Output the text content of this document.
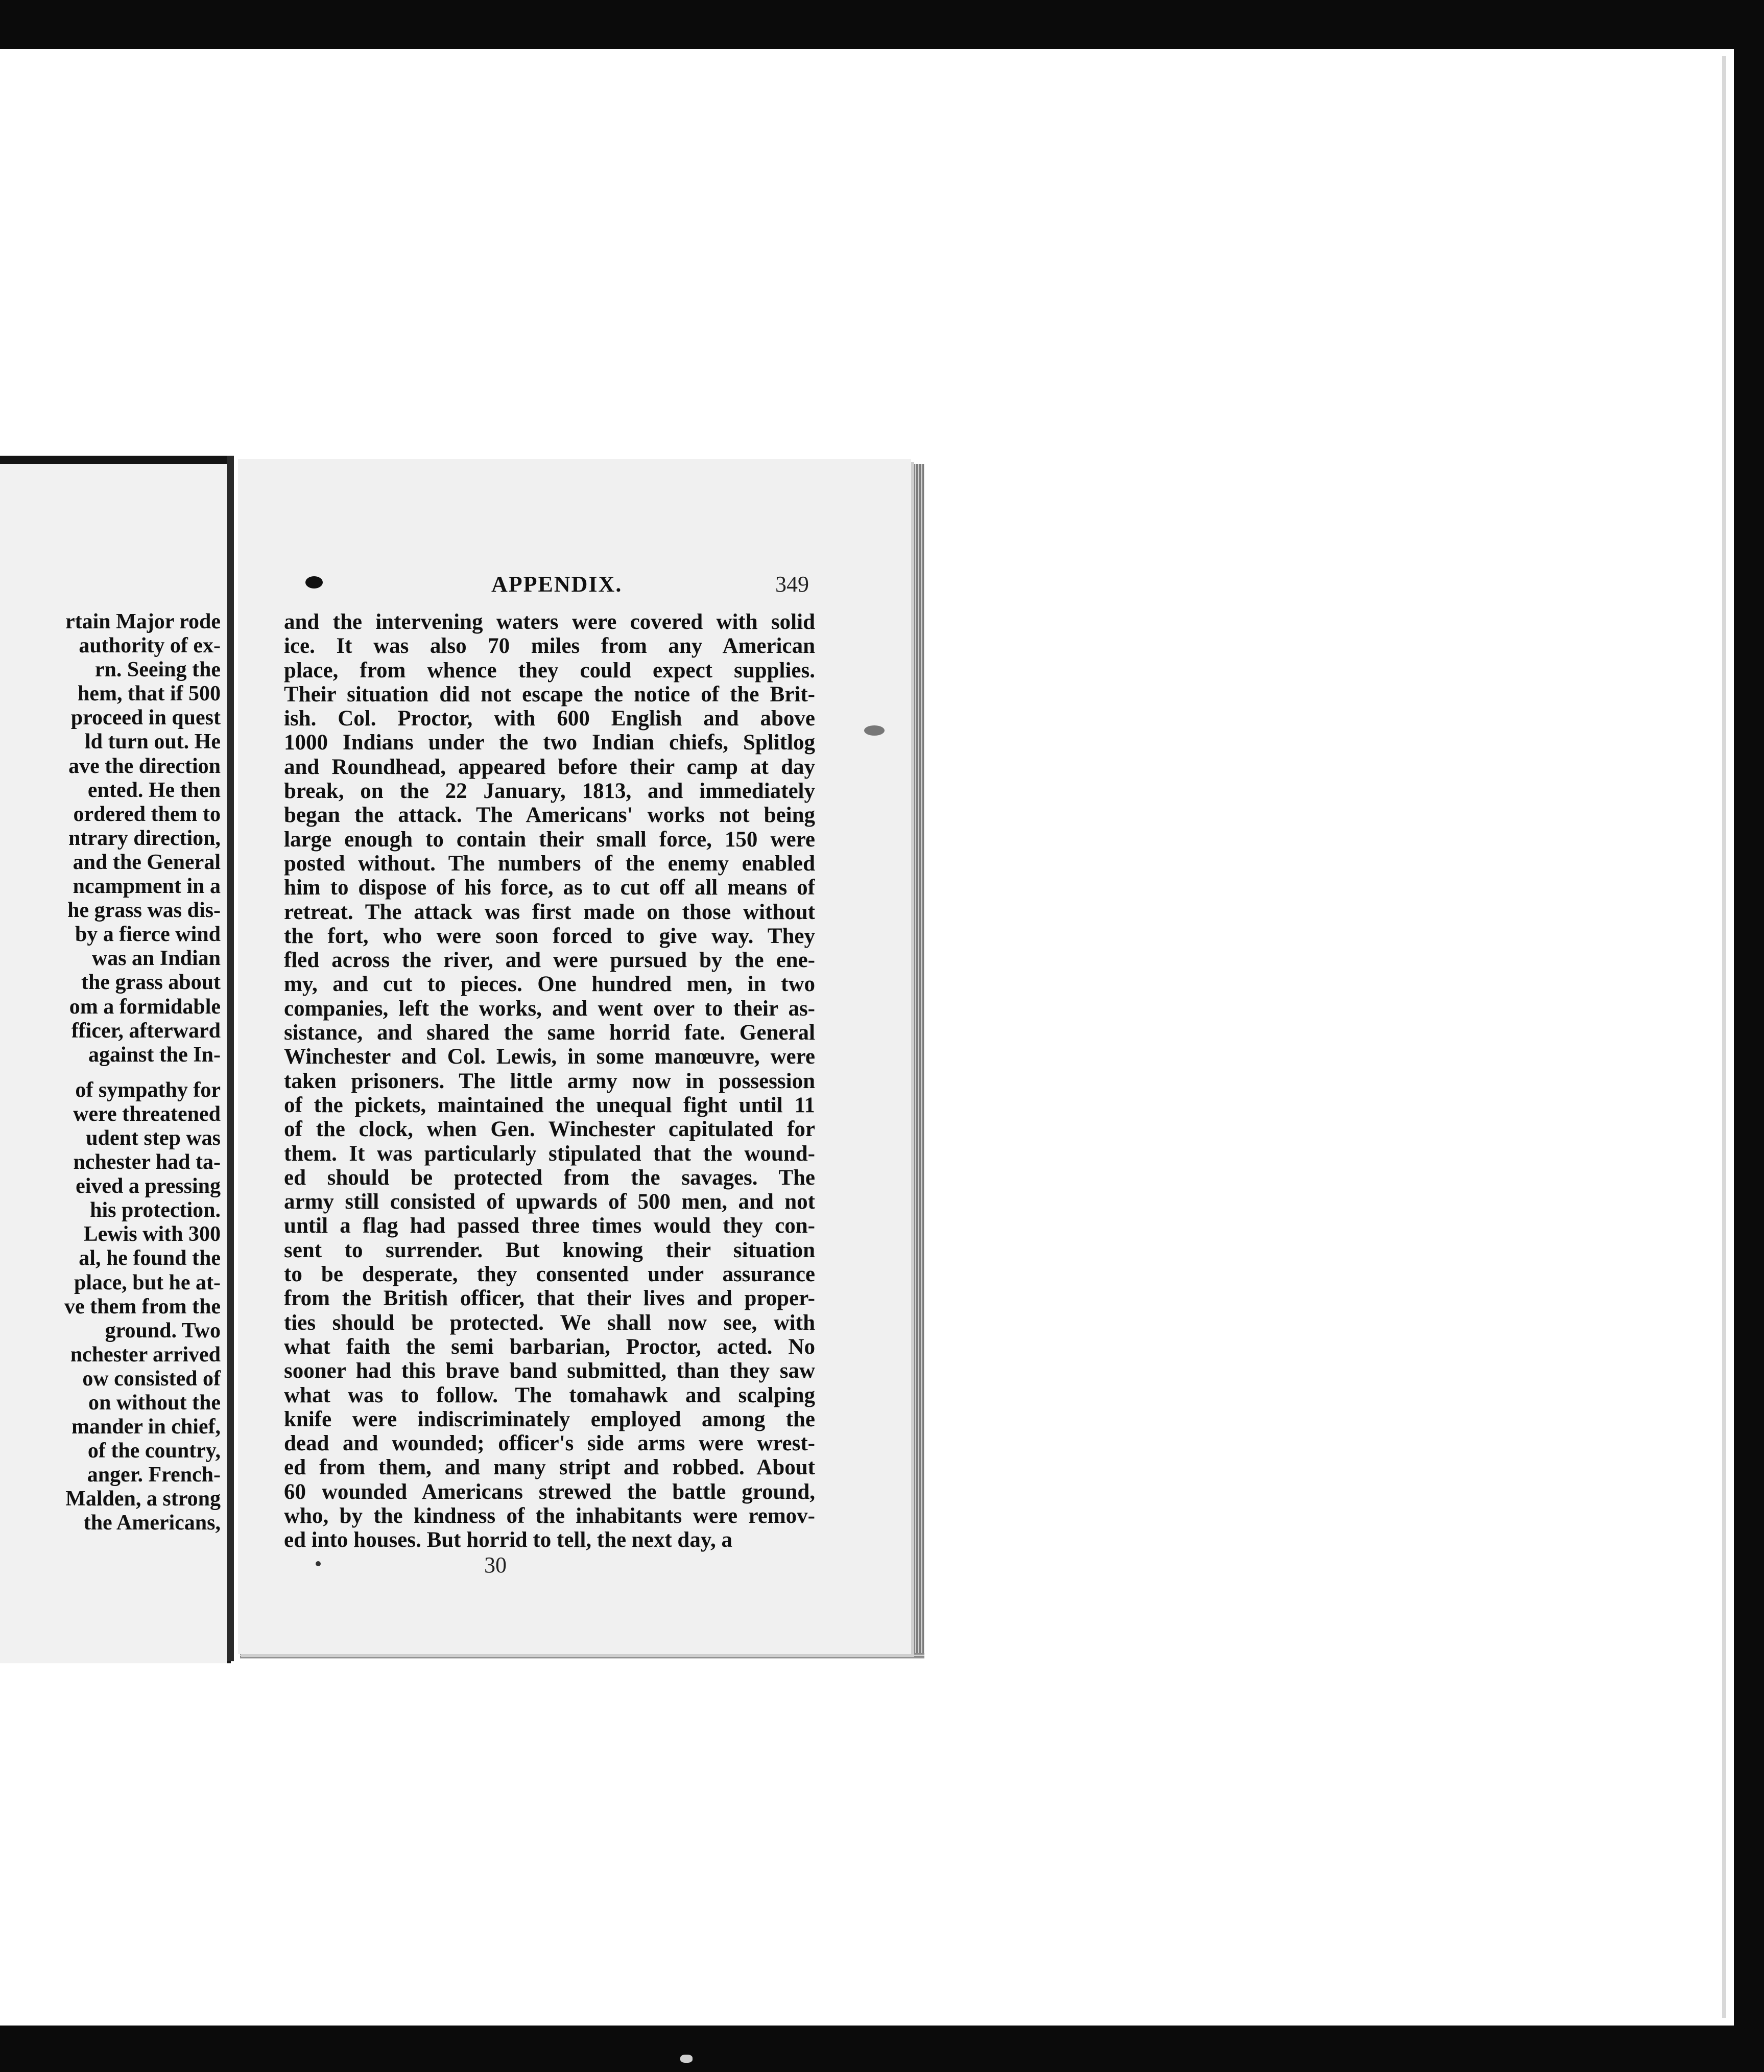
rtain Major rode
authority of ex-
rn. Seeing the
hem, that if 500
proceed in quest
ld turn out. He
ave the direction
ented. He then
ordered them to
ntrary direction,
and the General
ncampment in a
he grass was dis-
by a fierce wind
was an Indian
the grass about
om a formidable
fficer, afterward
against the In-
of sympathy for
were threatened
udent step was
nchester had ta-
eived a pressing
his protection.
Lewis with 300
al, he found the
place, but he at-
ve them from the
ground. Two
nchester arrived
ow consisted of
on without the
mander in chief,
of the country,
anger. French-
Malden, a strong
the Americans,
APPENDIX.	349
and the intervening waters were covered with solid
ice. It was also 70 miles from any American
place, from whence they could expect supplies.
Their situation did not escape the notice of the Brit-
ish. Col. Proctor, with 600 English and above
1000 Indians under the two Indian chiefs, Splitlog
and Roundhead, appeared before their camp at day
break, on the 22 January, 1813, and immediately
began the attack. The Americans' works not being
large enough to contain their small force, 150 were
posted without. The numbers of the enemy enabled
him to dispose of his force, as to cut off all means of
retreat. The attack was first made on those without
the fort, who were soon forced to give way. They
fled across the river, and were pursued by the ene-
my, and cut to pieces. One hundred men, in two
companies, left the works, and went over to their as-
sistance, and shared the same horrid fate. General
Winchester and Col. Lewis, in some manœuvre, were
taken prisoners. The little army now in possession
of the pickets, maintained the unequal fight until 11
of the clock, when Gen. Winchester capitulated for
them. It was particularly stipulated that the wound-
ed should be protected from the savages. The
army still consisted of upwards of 500 men, and not
until a flag had passed three times would they con-
sent to surrender. But knowing their situation
to be desperate, they consented under assurance
from the British officer, that their lives and proper-
ties should be protected. We shall now see, with
what faith the semi barbarian, Proctor, acted. No
sooner had this brave band submitted, than they saw
what was to follow. The tomahawk and scalping
knife were indiscriminately employed among the
dead and wounded; officer's side arms were wrest-
ed from them, and many stript and robbed. About
60 wounded Americans strewed the battle ground,
who, by the kindness of the inhabitants were remov-
ed into houses. But horrid to tell, the next day, a
30
